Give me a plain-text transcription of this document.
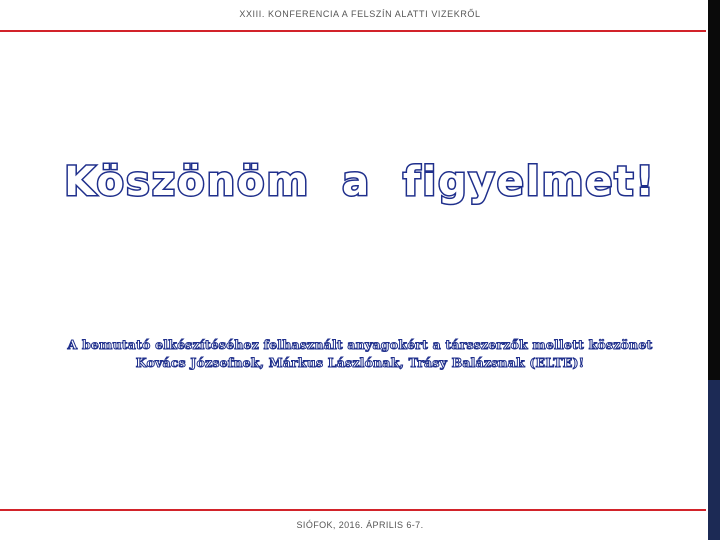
XXIII. KONFERENCIA A FELSZÍN ALATTI VIZEKRŐL
Köszönöm  a  figyelmet!
A bemutató elkészítéséhez felhasznált anyagokért a társszerzők mellett köszönet
Kovács Józsefnek, Márkus Lászlónak, Trásy Balázsnak (ELTE)!
SIÓFOK, 2016. ÁPRILIS 6-7.
